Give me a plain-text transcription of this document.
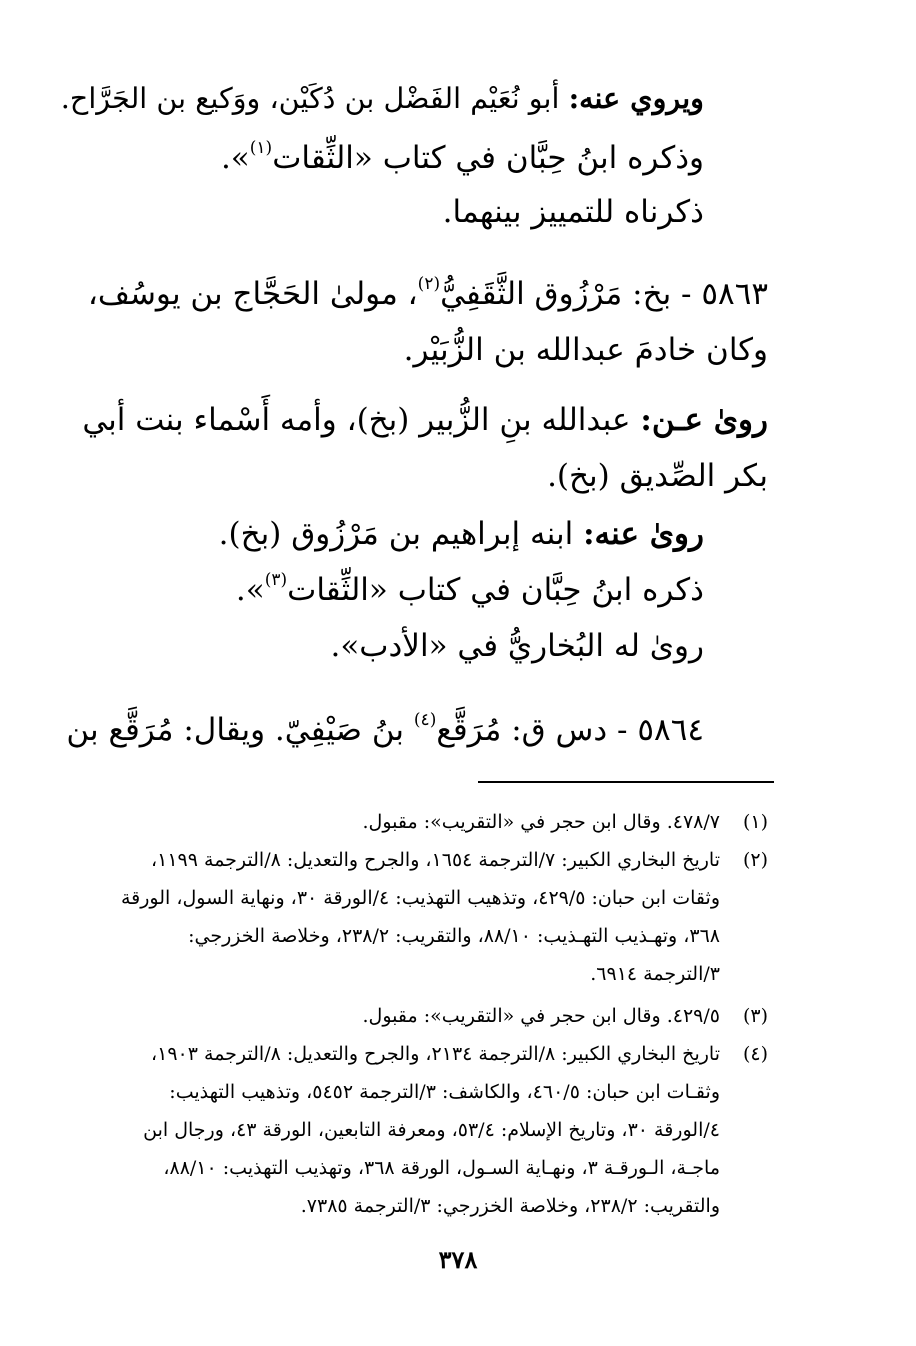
ويروي عنه: أبو نُعَيْم الفَضْل بن دُكَيْن، ووَكيع بن الجَرَّاح.
وذكره ابنُ حِبَّان في كتاب «الثِّقات$^{(١)}$».
ذكرناه للتمييز بينهما.
٥٨٦٣ - بخ: مَرْزُوق الثَّقَفِيُّ$^{(٢)}$، مولىٰ الحَجَّاج بن يوسُف،
وكان خادمَ عبدالله بن الزُّبَيْر.
روىٰ عـن: عبدالله بنِ الزُّبير (بخ)، وأمه أَسْماء بنت أبي
بكر الصِّديق (بخ).
روىٰ عنه: ابنه إبراهيم بن مَرْزُوق (بخ).
ذكره ابنُ حِبَّان في كتاب «الثِّقات$^{(٣)}$».
روىٰ له البُخاريُّ في «الأدب».
٥٨٦٤ - دس ق: مُرَقَّع$^{(٤)}$ بنُ صَيْفِيّ. ويقال: مُرَقَّع بن
(١)
٤٧٨/٧. وقال ابن حجر في «التقريب»: مقبول.
(٢)
تاريخ البخاري الكبير: ٧/الترجمة ١٦٥٤، والجرح والتعديل: ٨/الترجمة ١١٩٩،
وثقات ابن حبان: ٤٢٩/٥، وتذهيب التهذيب: ٤/الورقة ٣٠، ونهاية السول، الورقة
٣٦٨، وتهـذيب التهـذيب: ٨٨/١٠، والتقريب: ٢٣٨/٢، وخلاصة الخزرجي:
٣/الترجمة ٦٩١٤.
(٣)
٤٢٩/٥. وقال ابن حجر في «التقريب»: مقبول.
(٤)
تاريخ البخاري الكبير: ٨/الترجمة ٢١٣٤، والجرح والتعديل: ٨/الترجمة ١٩٠٣،
وثقـات ابن حبان: ٤٦٠/٥، والكاشف: ٣/الترجمة ٥٤٥٢، وتذهيب التهذيب:
٤/الورقة ٣٠، وتاريخ الإسلام: ٥٣/٤، ومعرفة التابعين، الورقة ٤٣، ورجال ابن
ماجـة، الـورقـة ٣، ونهـاية السـول، الورقة ٣٦٨، وتهذيب التهذيب: ٨٨/١٠،
والتقريب: ٢٣٨/٢، وخلاصة الخزرجي: ٣/الترجمة ٧٣٨٥.
٣٧٨
